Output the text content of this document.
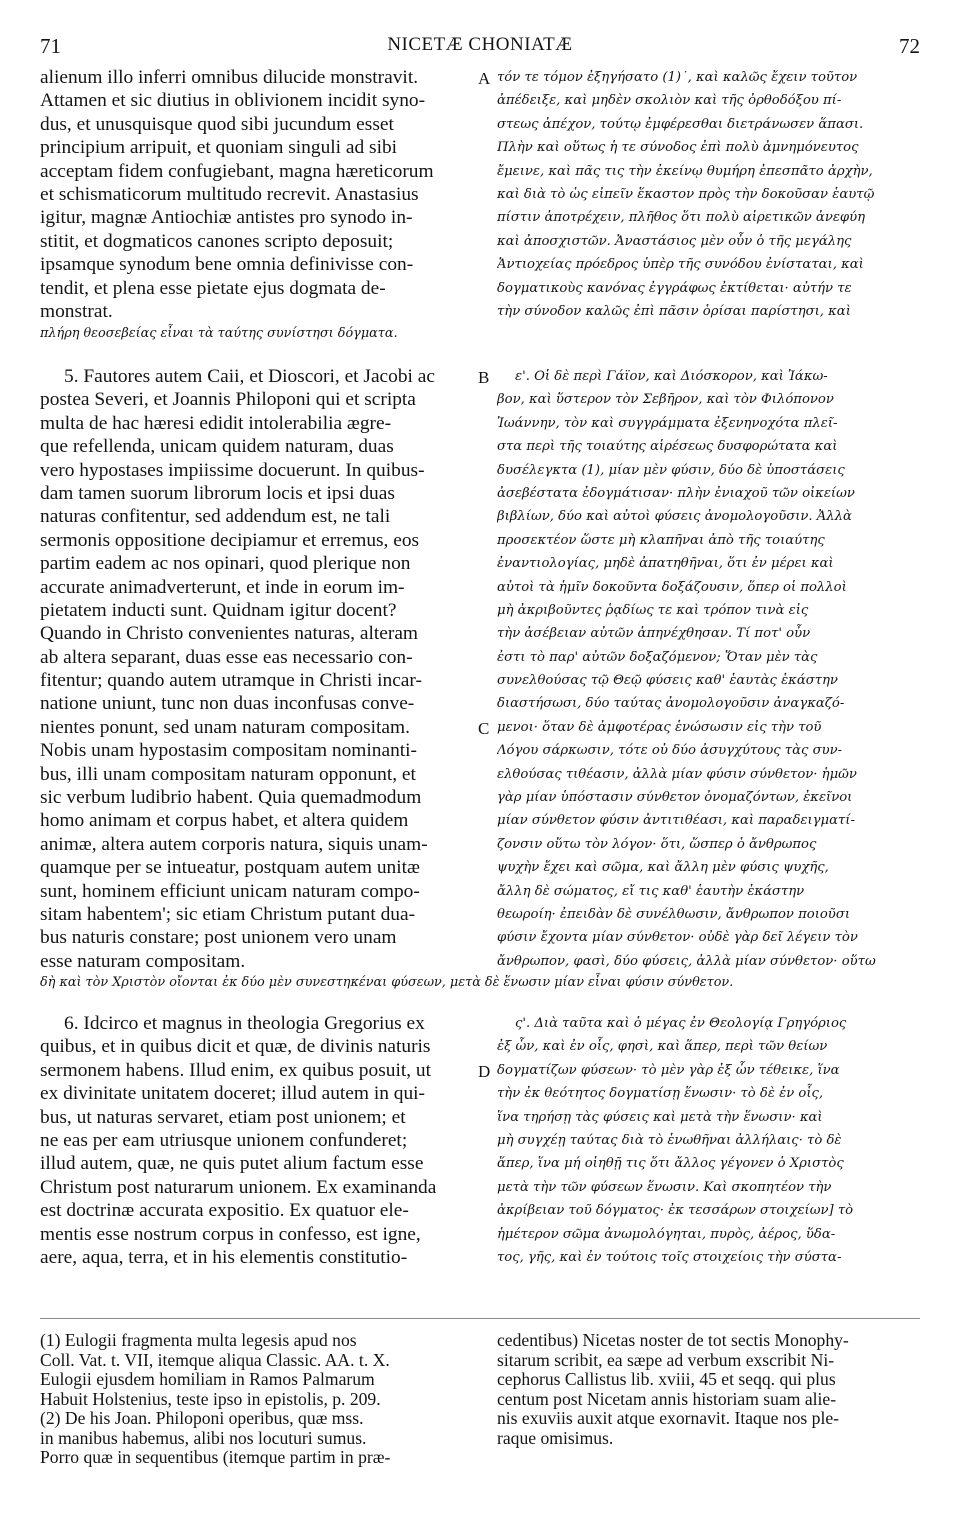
71	NICETÆ CHONIATÆ	72
alienum illo inferri omnibus dilucide monstravit.
Attamen et sic diutius in oblivionem incidit syno-
dus, et unusquisque quod sibi jucundum esset
principium arripuit, et quoniam singuli ad sibi
acceptam fidem confugiebant, magna hæreticorum
et schismaticorum multitudo recrevit. Anastasius
igitur, magnæ Antiochiæ antistes pro synodo in-
stitit, et dogmaticos canones scripto deposuit;
ipsamque synodum bene omnia definivisse con-
tendit, et plena esse pietate ejus dogmata de-
monstrat.
A τόν τε τόμον ἐξηγήσατο (1)˙, καὶ καλῶς ἔχειν τοῦτον
ἀπέδειξε, καὶ μηδὲν σκολιὸν καὶ τῆς ὀρθοδόξου πί-
στεως ἀπέχον, τούτῳ ἐμφέρεσθαι διετράνωσεν ἅπασι.
Πλὴν καὶ οὕτως ἡ τε σύνοδος ἐπὶ πολὺ ἀμνημόνευτος
ἔμεινε, καὶ πᾶς τις τὴν ἐκείνῳ θυμήρη ἐπεσπᾶτο ἀρχὴν,
καὶ διὰ τὸ ὡς εἰπεῖν ἕκαστον πρὸς τὴν δοκοῦσαν ἑαυτῷ
πίστιν ἀποτρέχειν, πλῆθος ὅτι πολὺ αἱρετικῶν ἀνεφύη
καὶ ἀποσχιστῶν. Ἀναστάσιος μὲν οὖν ὁ τῆς μεγάλης
Ἀντιοχείας πρόεδρος ὑπὲρ τῆς συνόδου ἐνίσταται, καὶ
δογματικοὺς κανόνας ἐγγράφως ἐκτίθεται· αὐτήν τε
τὴν σύνοδον καλῶς ἐπὶ πᾶσιν ὁρίσαι παρίστησι, καὶ
πλήρη θεοσεβείας εἶναι τὰ ταύτης συνίστησι δόγματα.
5. Fautores autem Caii, et Dioscori, et Jacobi ac
postea Severi, et Joannis Philoponi qui et scripta
multa de hac hæresi edidit intolerabilia ægre-
que refellenda, unicam quidem naturam, duas
vero hypostases impiissime docuerunt. In quibus-
dam tamen suorum librorum locis et ipsi duas
naturas confitentur, sed addendum est, ne tali
sermonis oppositione decipiamur et erremus, eos
partim eadem ac nos opinari, quod plerique non
accurate animadverterunt, et inde in eorum im-
pietatem inducti sunt. Quidnam igitur docent?
Quando in Christo convenientes naturas, alteram
ab altera separant, duas esse eas necessario con-
fitentur; quando autem utramque in Christi incar-
natione uniunt, tunc non duas inconfusas conve-
nientes ponunt, sed unam naturam compositam.
Nobis unam hypostasim compositam nominanti-
bus, illi unam compositam naturam opponunt, et
sic verbum ludibrio habent. Quia quemadmodum
homo animam et corpus habet, et altera quidem
animæ, altera autem corporis natura, siquis unam-
quamque per se intueatur, postquam autem unitæ
sunt, hominem efficiunt unicam naturam compo-
sitam habentem'; sic etiam Christum putant dua-
bus naturis constare; post unionem vero unam
esse naturam compositam.
B
C
ε'. Οἱ δὲ περὶ Γάϊον, καὶ Διόσκορον, καὶ Ἰάκω-
βον, καὶ ὕστερον τὸν Σεβῆρον, καὶ τὸν Φιλόπονον
Ἰωάννην, τὸν καὶ συγγράμματα ἐξενηνοχότα πλεῖ-
στα περὶ τῆς τοιαύτης αἱρέσεως δυσφορώτατα καὶ
δυσέλεγκτα (1), μίαν μὲν φύσιν, δύο δὲ ὑποστάσεις
ἀσεβέστατα ἐδογμάτισαν· πλὴν ἐνιαχοῦ τῶν οἰκείων
βιβλίων, δύο καὶ αὐτοὶ φύσεις ἀνομολογοῦσιν. Ἀλλὰ
προσεκτέον ὥστε μὴ κλαπῆναι ἀπὸ τῆς τοιαύτης
ἐναντιολογίας, μηδὲ ἀπατηθῆναι, ὅτι ἐν μέρει καὶ
αὐτοὶ τὰ ἡμῖν δοκοῦντα δοξάζουσιν, ὅπερ οἱ πολλοὶ
μὴ ἀκριβοῦντες ῥᾳδίως τε καὶ τρόπον τινὰ εἰς
τὴν ἀσέβειαν αὐτῶν ἀπηνέχθησαν. Τί ποτ' οὖν
ἐστι τὸ παρ' αὐτῶν δοξαζόμενον; Ὅταν μὲν τὰς
συνελθούσας τῷ Θεῷ φύσεις καθ' ἑαυτὰς ἑκάστην
διαστήσωσι, δύο ταύτας ἀνομολογοῦσιν ἀναγκαζό-
μενοι· ὅταν δὲ ἀμφοτέρας ἑνώσωσιν εἰς τὴν τοῦ
Λόγου σάρκωσιν, τότε οὐ δύο ἀσυγχύτους τὰς συν-
ελθούσας τιθέασιν, ἀλλὰ μίαν φύσιν σύνθετον· ἡμῶν
γὰρ μίαν ὑπόστασιν σύνθετον ὀνομαζόντων, ἐκεῖνοι
μίαν σύνθετον φύσιν ἀντιτιθέασι, καὶ παραδειγματί-
ζονσιν οὕτω τὸν λόγον· ὅτι, ὥσπερ ὁ ἄνθρωπος
ψυχὴν ἔχει καὶ σῶμα, καὶ ἄλλη μὲν φύσις ψυχῆς,
ἄλλη δὲ σώματος, εἴ τις καθ' ἑαυτὴν ἑκάστην
θεωροίη· ἐπειδὰν δὲ συνέλθωσιν, ἄνθρωπον ποιοῦσι
φύσιν ἔχοντα μίαν σύνθετον· οὐδὲ γὰρ δεῖ λέγειν τὸν
ἄνθρωπον, φασὶ, δύο φύσεις, ἀλλὰ μίαν σύνθετον· οὕτω
δὴ καὶ τὸν Χριστὸν οἴονται ἐκ δύο μὲν συνεστηκέναι φύσεων, μετὰ δὲ ἕνωσιν μίαν εἶναι φύσιν σύνθετον.
6. Idcirco et magnus in theologia Gregorius ex
quibus, et in quibus dicit et quæ, de divinis naturis
sermonem habens. Illud enim, ex quibus posuit, ut
ex divinitate unitatem doceret; illud autem in qui-
bus, ut naturas servaret, etiam post unionem; et
ne eas per eam utriusque unionem confunderet;
illud autem, quæ, ne quis putet alium factum esse
Christum post naturarum unionem. Ex examinanda
est doctrinæ accurata expositio. Ex quatuor ele-
mentis esse nostrum corpus in confesso, est igne,
aere, aqua, terra, et in his elementis constitutio-
D
ς'. Διὰ ταῦτα καὶ ὁ μέγας ἐν Θεολογίᾳ Γρηγόριος
ἐξ ὧν, καὶ ἐν οἷς, φησὶ, καὶ ἅπερ, περὶ τῶν θείων
δογματίζων φύσεων· τὸ μὲν γὰρ ἐξ ὧν τέθεικε, ἵνα
τὴν ἐκ θεότητος δογματίσῃ ἕνωσιν· τὸ δὲ ἐν οἷς,
ἵνα τηρήσῃ τὰς φύσεις καὶ μετὰ τὴν ἕνωσιν· καὶ
μὴ συγχέῃ ταύτας διὰ τὸ ἑνωθῆναι ἀλλήλαις· τὸ δὲ
ἅπερ, ἵνα μή οἰηθῇ τις ὅτι ἄλλος γέγονεν ὁ Χριστὸς
μετὰ τὴν τῶν φύσεων ἕνωσιν. Καὶ σκοπητέον τὴν
ἀκρίβειαν τοῦ δόγματος· ἐκ τεσσάρων στοιχείων] τὸ
ἡμέτερον σῶμα ἀνωμολόγηται, πυρὸς, ἀέρος, ὕδα-
τος, γῆς, καὶ ἐν τούτοις τοῖς στοιχείοις τὴν σύστα-
(1) Eulogii fragmenta multa legesis apud nos
Coll. Vat. t. VII, itemque aliqua Classic. AA. t. X.
Eulogii ejusdem homiliam in Ramos Palmarum
Habuit Holstenius, teste ipso in epistolis, p. 209.
(2) De his Joan. Philoponi operibus, quæ mss.
in manibus habemus, alibi nos locuturi sumus.
Porro quæ in sequentibus (itemque partim in præ-
cedentibus) Nicetas noster de tot sectis Monophy-
sitarum scribit, ea sæpe ad verbum exscribit Ni-
cephorus Callistus lib. xviii, 45 et seqq. qui plus
centum post Nicetam annis historiam suam alie-
nis exuviis auxit atque exornavit. Itaque nos ple-
raque omisimus.
